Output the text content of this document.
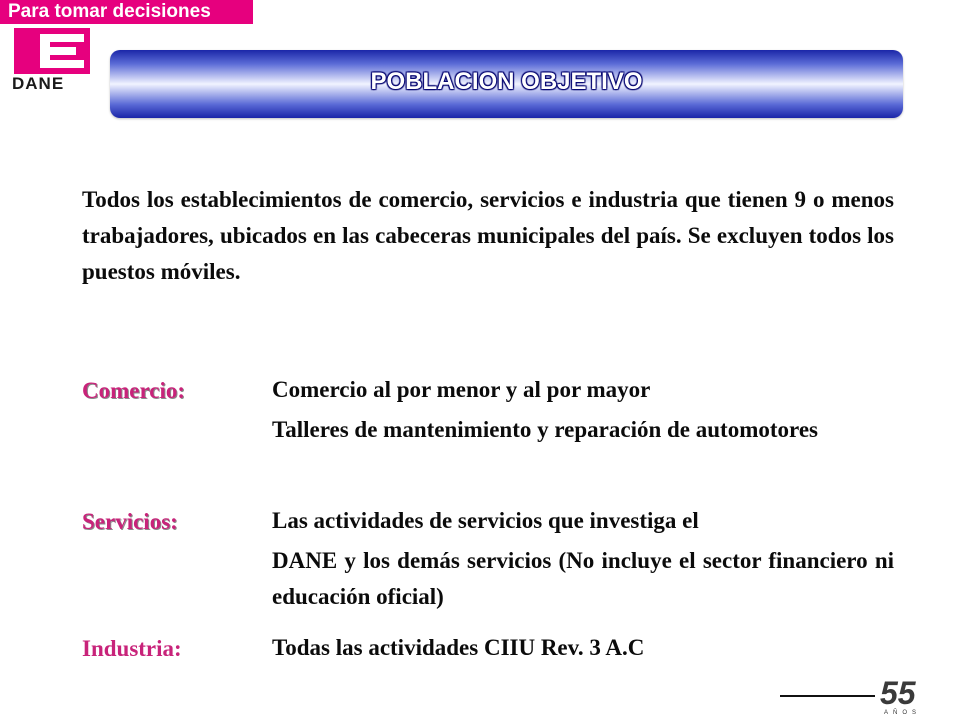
Para tomar decisiones
DANE	POBLACION OBJETIVO
Todos los establecimientos de comercio, servicios e industria que tienen 9 o menos trabajadores, ubicados en las cabeceras municipales del país. Se excluyen todos los puestos móviles.
Comercio:	Comercio al por menor y al por mayor

Talleres de mantenimiento y reparación de automotores

Servicios:	Las actividades de servicios que investiga el

DANE y los demás servicios (No incluye el sector financiero ni educación oficial)

Industria:	Todas las actividades CIIU Rev. 3 A.C

55
AÑOS
